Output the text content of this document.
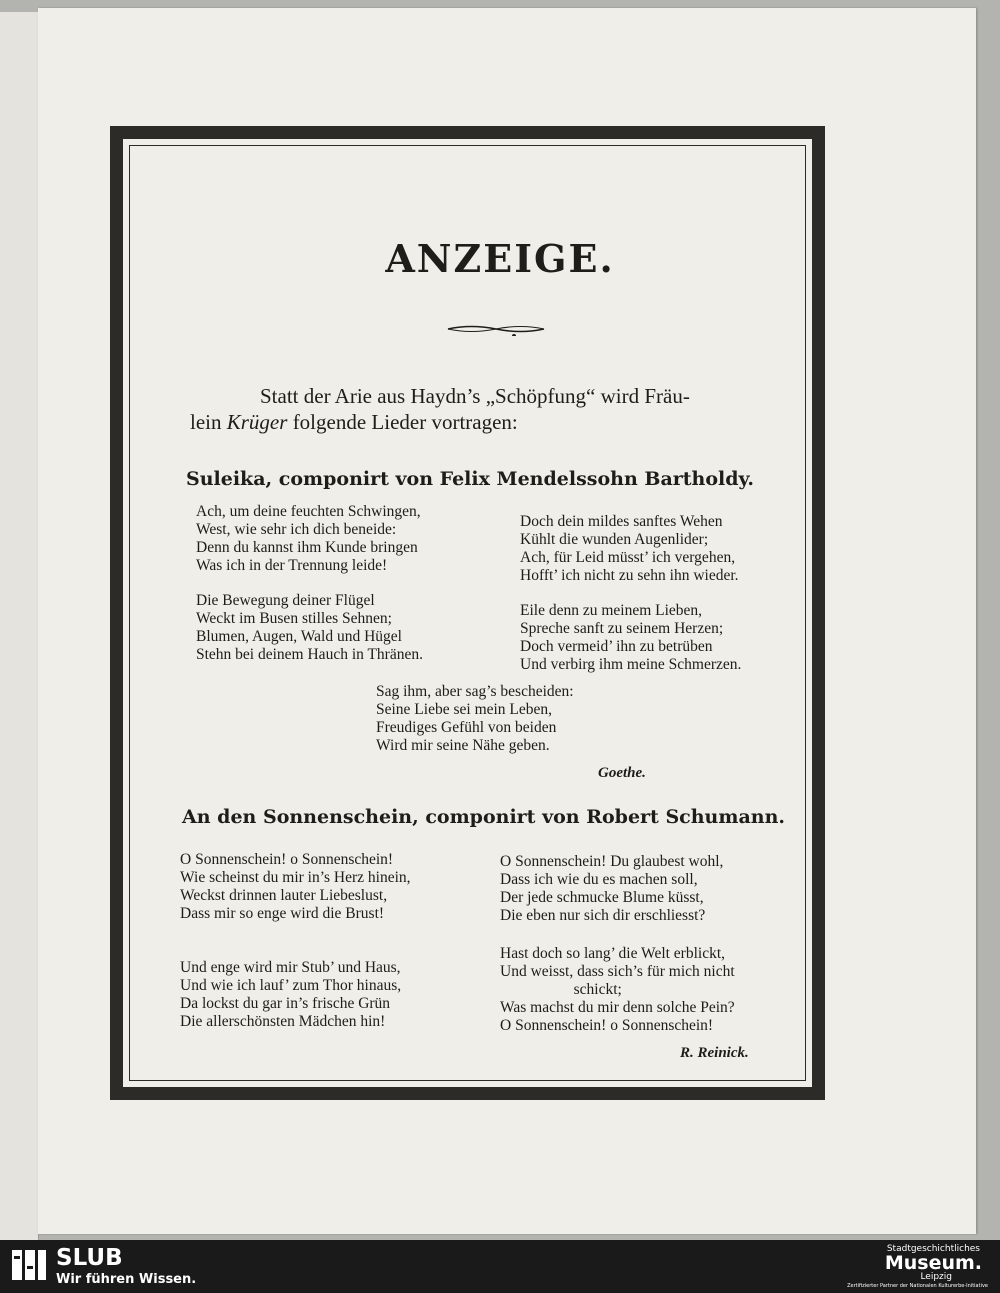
ANZEIGE.
Statt der Arie aus Haydn’s „Schöpfung“ wird Fräu-
lein Krüger folgende Lieder vortragen:
Suleika, componirt von Felix Mendelssohn Bartholdy.
Ach, um deine feuchten Schwingen,
West, wie sehr ich dich beneide:
Denn du kannst ihm Kunde bringen
Was ich in der Trennung leide!
Die Bewegung deiner Flügel
Weckt im Busen stilles Sehnen;
Blumen, Augen, Wald und Hügel
Stehn bei deinem Hauch in Thränen.
Doch dein mildes sanftes Wehen
Kühlt die wunden Augenlider;
Ach, für Leid müsst’ ich vergehen,
Hofft’ ich nicht zu sehn ihn wieder.
Eile denn zu meinem Lieben,
Spreche sanft zu seinem Herzen;
Doch vermeid’ ihn zu betrüben
Und verbirg ihm meine Schmerzen.
Sag ihm, aber sag’s bescheiden:
Seine Liebe sei mein Leben,
Freudiges Gefühl von beiden
Wird mir seine Nähe geben.
Goethe.
An den Sonnenschein, componirt von Robert Schumann.
O Sonnenschein! o Sonnenschein!
Wie scheinst du mir in’s Herz hinein,
Weckst drinnen lauter Liebeslust,
Dass mir so enge wird die Brust!
Und enge wird mir Stub’ und Haus,
Und wie ich lauf’ zum Thor hinaus,
Da lockst du gar in’s frische Grün
Die allerschönsten Mädchen hin!
O Sonnenschein! Du glaubest wohl,
Dass ich wie du es machen soll,
Der jede schmucke Blume küsst,
Die eben nur sich dir erschliesst?
Hast doch so lang’ die Welt erblickt,
Und weisst, dass sich’s für mich nicht
schickt;
Was machst du mir denn solche Pein?
O Sonnenschein! o Sonnenschein!
R. Reinick.
SLUB
Wir führen Wissen.
Stadtgeschichtliches
Museum.
Leipzig
Zertifizierter Partner der Nationalen Kulturerbe-Initiative
